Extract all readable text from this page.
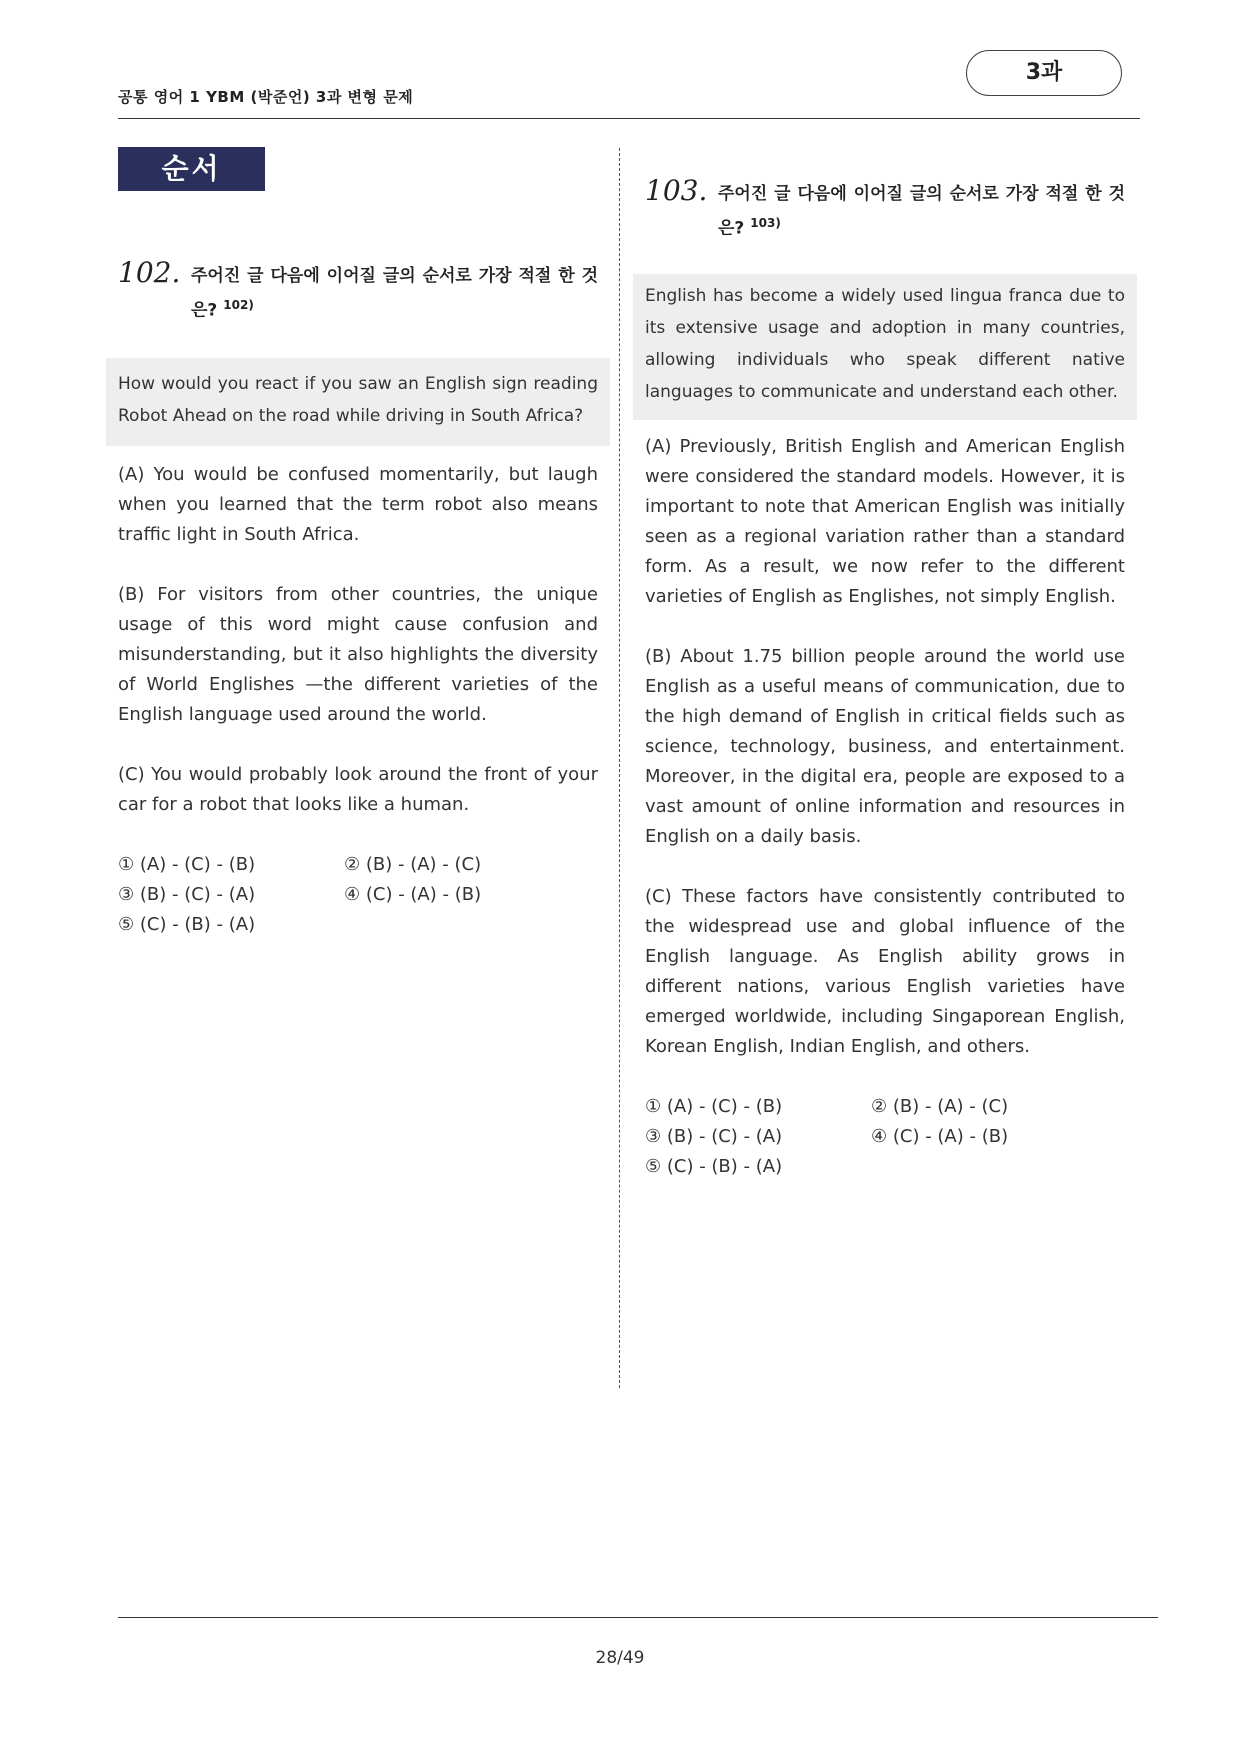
공통 영어 1 YBM (박준언) 3과 변형 문제
3과
순서
102. 주어진 글 다음에 이어질 글의 순서로 가장 적절 한 것은? $^{102)}$
How would you react if you saw an English sign reading Robot Ahead on the road while driving in South Africa?

(A) You would be confused momentarily, but laugh when you learned that the term robot also means traffic light in South Africa.

(B) For visitors from other countries, the unique usage of this word might cause confusion and misunderstanding, but it also highlights the diversity of World Englishes —the different varieties of the English language used around the world.

(C) You would probably look around the front of your car for a robot that looks like a human.

① (A) - (C) - (B)	② (B) - (A) - (C)
③ (B) - (C) - (A)	④ (C) - (A) - (B)
⑤ (C) - (B) - (A)
103. 주어진 글 다음에 이어질 글의 순서로 가장 적절 한 것은? $^{103)}$
English has become a widely used lingua franca due to its extensive usage and adoption in many countries, allowing individuals who speak different native languages to communicate and understand each other.

(A) Previously, British English and American English were considered the standard models. However, it is important to note that American English was initially seen as a regional variation rather than a standard form. As a result, we now refer to the different varieties of English as Englishes, not simply English.

(B) About 1.75 billion people around the world use English as a useful means of communication, due to the high demand of English in critical fields such as science, technology, business, and entertainment. Moreover, in the digital era, people are exposed to a vast amount of online information and resources in English on a daily basis.

(C) These factors have consistently contributed to the widespread use and global influence of the English language. As English ability grows in different nations, various English varieties have emerged worldwide, including Singaporean English, Korean English, Indian English, and others.

① (A) - (C) - (B)	② (B) - (A) - (C)
③ (B) - (C) - (A)	④ (C) - (A) - (B)
⑤ (C) - (B) - (A)
28/49
